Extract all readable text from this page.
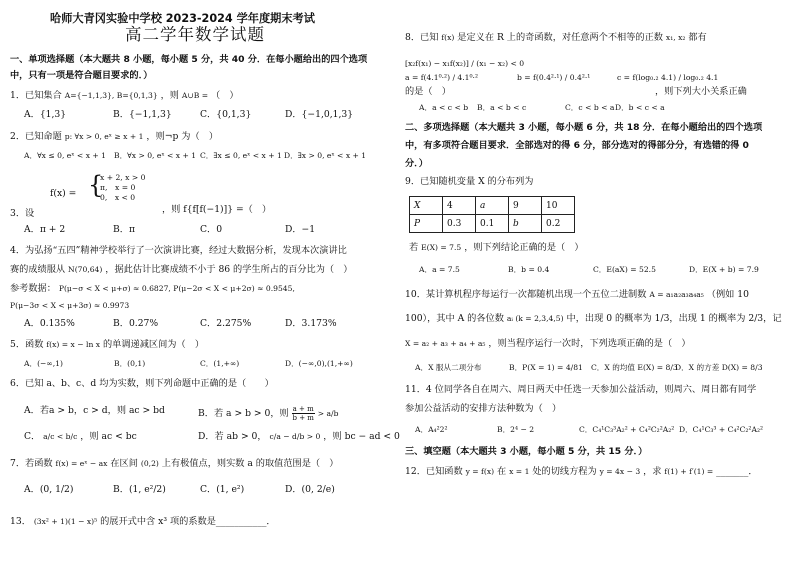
哈师大青冈实验中学校 2023-2024 学年度期末考试
高二学年数学试题
一、单项选择题（本大题共 8 小题，每小题 5 分，共 40 分．在每小题给出的四个选项
中，只有一项是符合题目要求的．）
1．已知集合 A={−1,1,3}, B={0,1,3} ，则 A∪B = （　）
A．{1,3}	B．{−1,1,3}	C．{0,1,3}	D．{−1,0,1,3}
2．已知命题 p: ∀x > 0, eˣ ≥ x + 1 ，则¬p 为（　）
A．∀x ≤ 0, eˣ < x + 1 B．∀x > 0, eˣ < x + 1 C．∃x ≤ 0, eˣ < x + 1 D．∃x > 0, eˣ < x + 1
f(x) = {
x + 2, x > 0
π,　x = 0
0,　x < 0
3．设	，则 f{f[f(−1)]} =（　）
A．π + 2	B．π	C．0	D．−1
4．为弘扬“五四”精神学校举行了一次演讲比赛，经过大数据分析，发现本次演讲比
赛的成绩服从 N(70,64) ，据此估计比赛成绩不小于 86 的学生所占的百分比为（　）
参考数据： P(μ−σ < X < μ+σ) ≈ 0.6827, P(μ−2σ < X < μ+2σ) ≈ 0.9545,
P(μ−3σ < X < μ+3σ) ≈ 0.9973
A．0.135%	B．0.27%	C．2.275%	D．3.173%
5．函数 f(x) = x − ln x 的单调递减区间为（　）
A．(−∞,1)	B．(0,1)	C．(1,+∞)	D．(−∞,0),(1,+∞)
6．已知 a、b、c、d 均为实数，则下列命题中正确的是（　　）
A．若a > b，c > d，则 ac > bd	B．若 a > b > 0，则 $\frac{a + m}{b + m} > a/b$
C． a/c < b/c ，则 ac < bc	D．若 ab > 0， c/a − d/b > 0 ，则 bc − ad < 0
7．若函数 f(x) = eˣ − ax 在区间 (0,2) 上有极值点，则实数 a 的取值范围是（　）
A．(0, 1/2)	B．(1, e²/2)	C．(1, e²)	D．(0, 2/e)
13． (3x² + 1)(1 − x)⁵ 的展开式中含 x³ 项的系数是___________．
8．已知 f(x) 是定义在 R 上的奇函数，对任意两个不相等的正数 x₁, x₂ 都有
[x₂f(x₁) − x₁f(x₂)] / (x₁ − x₂) < 0
a = f(4.1⁰·²) / 4.1⁰·²	b = f(0.4²·¹) / 0.4²·¹	c = f(log₀.₂ 4.1) / log₀.₂ 4.1
，则下列大小关系正确
的是（　）
A．a < c < b B．a < b < c	C．c < b < a D．b < c < a
二、多项选择题（本大题共 3 小题，每小题 6 分，共 18 分．在每小题给出的四个选项
中，有多项符合题目要求．全部选对的得 6 分，部分选对的得部分分，有选错的得 0
分．）
9．已知随机变量 X 的分布列为
X	4	a	9	10
P	0.3	0.1	b	0.2
若 E(X) = 7.5 ，则下列结论正确的是（　）
A．a = 7.5	B．b = 0.4	C．E(aX) = 52.5	D．E(X + b) = 7.9
10．某计算机程序每运行一次都随机出现一个五位二进制数 A = a₁a₂a₃a₄a₅ （例如 10
100），其中 A 的各位数 aᵢ (k = 2,3,4,5) 中，出现 0 的概率为 1/3，出现 1 的概率为 2/3，记
X = a₂ + a₃ + a₄ + a₅ ，则当程序运行一次时，下列选项正确的是（　）
A．X 服从二项分布	B．P(X = 1) = 4/81 C．X 的均值 E(X) = 8/3
D．X 的方差 D(X) = 8/3
11．4 位同学各自在周六、周日两天中任选一天参加公益活动，则周六、周日都有同学
参加公益活动的安排方法种数为（　）
A．A₄²2²	B．2⁴ − 2	C．C₄¹C₃³A₂² + C₄²C₂²A₂² D．C₄¹C₃³ + C₄²C₂²A₂²
三、填空题（本大题共 3 小题，每小题 5 分，共 15 分．）
12．已知函数 y = f(x) 在 x = 1 处的切线方程为 y = 4x − 3 ，求 f(1) + f′(1) = _______．
